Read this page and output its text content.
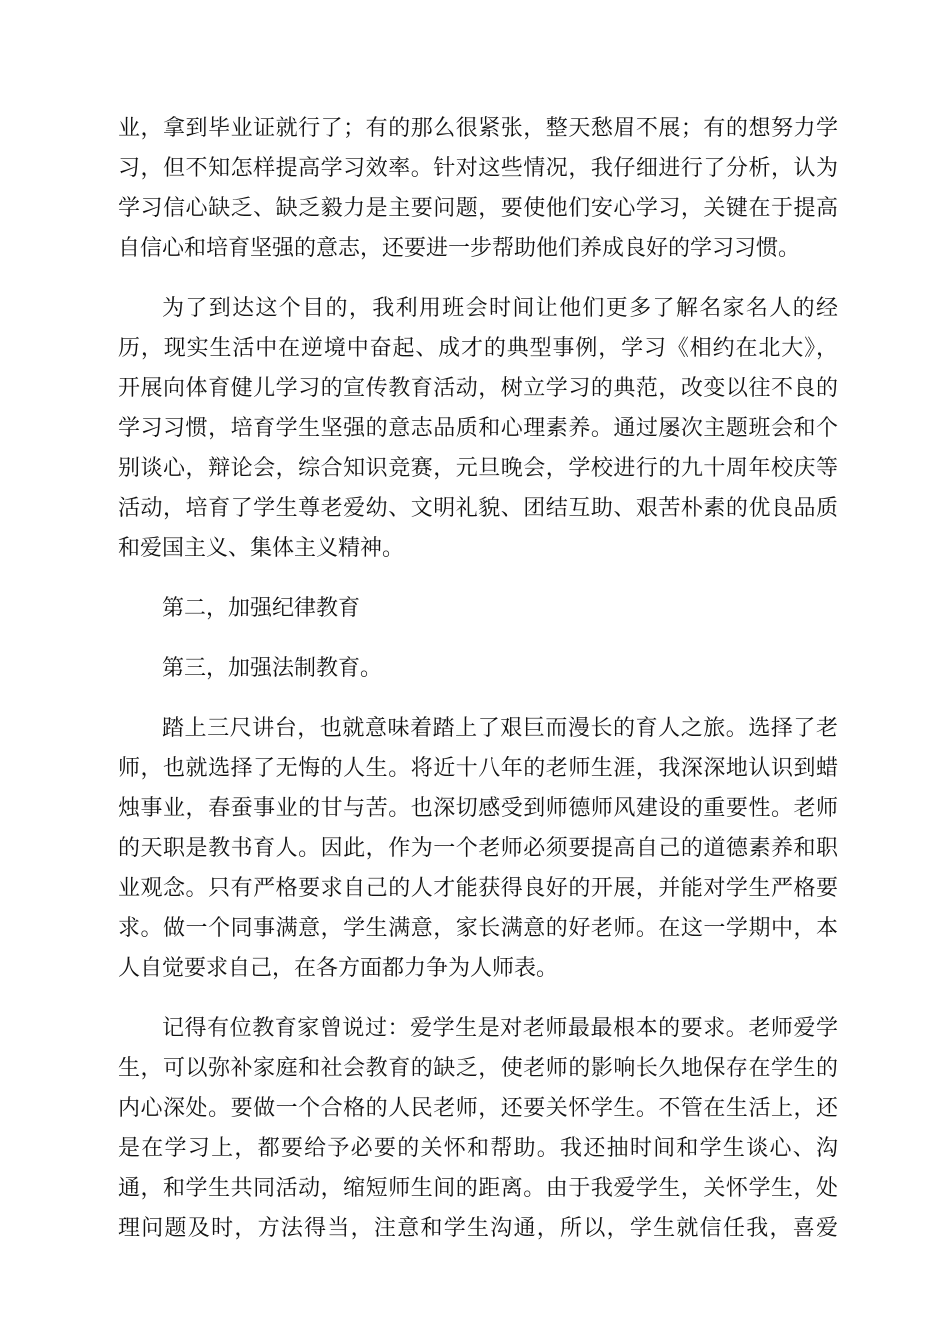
业，拿到毕业证就行了；有的那么很紧张，整天愁眉不展；有的想努力学
习，但不知怎样提高学习效率。针对这些情况，我仔细进行了分析，认为
学习信心缺乏、缺乏毅力是主要问题，要使他们安心学习，关键在于提高
自信心和培育坚强的意志，还要进一步帮助他们养成良好的学习习惯。
为了到达这个目的，我利用班会时间让他们更多了解名家名人的经
历，现实生活中在逆境中奋起、成才的典型事例，学习《相约在北大》，
开展向体育健儿学习的宣传教育活动，树立学习的典范，改变以往不良的
学习习惯，培育学生坚强的意志品质和心理素养。通过屡次主题班会和个
别谈心，辩论会，综合知识竞赛，元旦晚会，学校进行的九十周年校庆等
活动，培育了学生尊老爱幼、文明礼貌、团结互助、艰苦朴素的优良品质
和爱国主义、集体主义精神。
第二，加强纪律教育
第三，加强法制教育。
踏上三尺讲台，也就意味着踏上了艰巨而漫长的育人之旅。选择了老
师，也就选择了无悔的人生。将近十八年的老师生涯，我深深地认识到蜡
烛事业，春蚕事业的甘与苦。也深切感受到师德师风建设的重要性。老师
的天职是教书育人。因此，作为一个老师必须要提高自己的道德素养和职
业观念。只有严格要求自己的人才能获得良好的开展，并能对学生严格要
求。做一个同事满意，学生满意，家长满意的好老师。在这一学期中，本
人自觉要求自己，在各方面都力争为人师表。
记得有位教育家曾说过：爱学生是对老师最最根本的要求。老师爱学
生，可以弥补家庭和社会教育的缺乏，使老师的影响长久地保存在学生的
内心深处。要做一个合格的人民老师，还要关怀学生。不管在生活上，还
是在学习上，都要给予必要的关怀和帮助。我还抽时间和学生谈心、沟
通，和学生共同活动，缩短师生间的距离。由于我爱学生，关怀学生，处
理问题及时，方法得当，注意和学生沟通，所以，学生就信任我，喜爱
